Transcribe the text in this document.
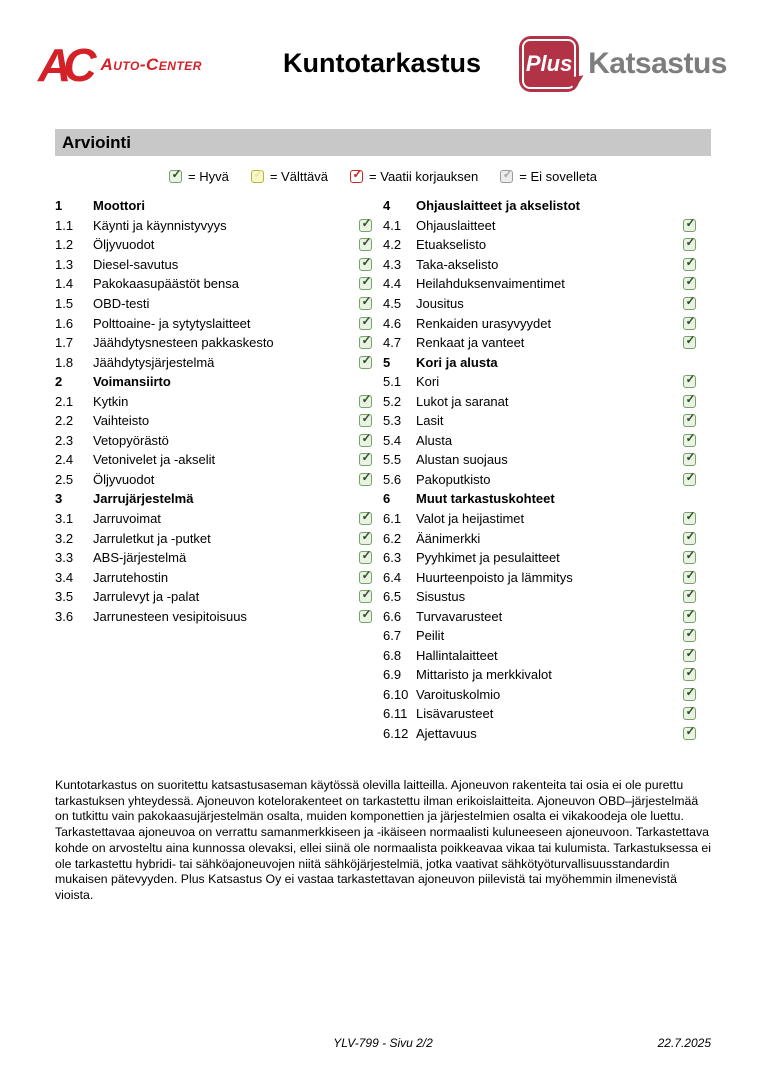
AC Auto-Center	Kuntotarkastus	Plus Katsastus
Arviointi
✓
= Hyvä ✓	= Välttävä ✓	= Vaatii korjauksen ✓	= Ei sovelleta
1	Moottori
1.1	Käynti ja käynnistyvyys
✓
1.2	Öljyvuodot
✓
1.3	Diesel-savutus
✓
1.4	Pakokaasupäästöt bensa
✓
1.5	OBD-testi
✓
1.6	Polttoaine- ja sytytyslaitteet
✓
1.7	Jäähdytysnesteen pakkaskesto
✓
1.8	Jäähdytysjärjestelmä
✓
2	Voimansiirto
2.1	Kytkin
✓
2.2	Vaihteisto
✓
2.3	Vetopyörästö
✓
2.4	Vetonivelet ja -akselit
✓
2.5	Öljyvuodot
✓
3	Jarrujärjestelmä
3.1	Jarruvoimat
✓
3.2	Jarruletkut ja -putket
✓
3.3	ABS-järjestelmä
✓
3.4	Jarrutehostin
✓
3.5	Jarrulevyt ja -palat
✓
3.6	Jarrunesteen vesipitoisuus
✓
4	Ohjauslaitteet ja akselistot
4.1	Ohjauslaitteet
✓
4.2	Etuakselisto
✓
4.3	Taka-akselisto
✓
4.4	Heilahduksenvaimentimet
✓
4.5	Jousitus
✓
4.6	Renkaiden urasyvyydet
✓
4.7	Renkaat ja vanteet
✓
5	Kori ja alusta
5.1	Kori
✓
5.2	Lukot ja saranat
✓
5.3	Lasit
✓
5.4	Alusta
✓
5.5	Alustan suojaus
✓
5.6	Pakoputkisto
✓
6	Muut tarkastuskohteet
6.1	Valot ja heijastimet
✓
6.2	Äänimerkki
✓
6.3	Pyyhkimet ja pesulaitteet
✓
6.4	Huurteenpoisto ja lämmitys
✓
6.5	Sisustus
✓
6.6	Turvavarusteet
✓
6.7	Peilit
✓
6.8	Hallintalaitteet
✓
6.9	Mittaristo ja merkkivalot
✓
6.10 Varoituskolmio
✓
6.11 Lisävarusteet
✓
6.12 Ajettavuus
✓
Kuntotarkastus on suoritettu katsastusaseman käytössä olevilla laitteilla. Ajoneuvon rakenteita tai osia ei ole purettu tarkastuksen yhteydessä. Ajoneuvon kotelorakenteet on tarkastettu ilman erikoislaitteita. Ajoneuvon OBD–järjestelmää on tutkittu vain pakokaasujärjestelmän osalta, muiden komponettien ja järjestelmien osalta ei vikakoodeja ole luettu. Tarkastettavaa ajoneuvoa on verrattu samanmerkkiseen ja -ikäiseen normaalisti kuluneeseen ajoneuvoon. Tarkastettava kohde on arvosteltu aina kunnossa olevaksi, ellei siinä ole normaalista poikkeavaa vikaa tai kulumista. Tarkastuksessa ei ole tarkastettu hybridi- tai sähköajoneuvojen niitä sähköjärjestelmiä, jotka vaativat sähkötyöturvallisuusstandardin mukaisen pätevyyden. Plus Katsastus Oy ei vastaa tarkastettavan ajoneuvon piilevistä tai myöhemmin ilmenevistä vioista.
YLV-799 - Sivu 2/2	22.7.2025
